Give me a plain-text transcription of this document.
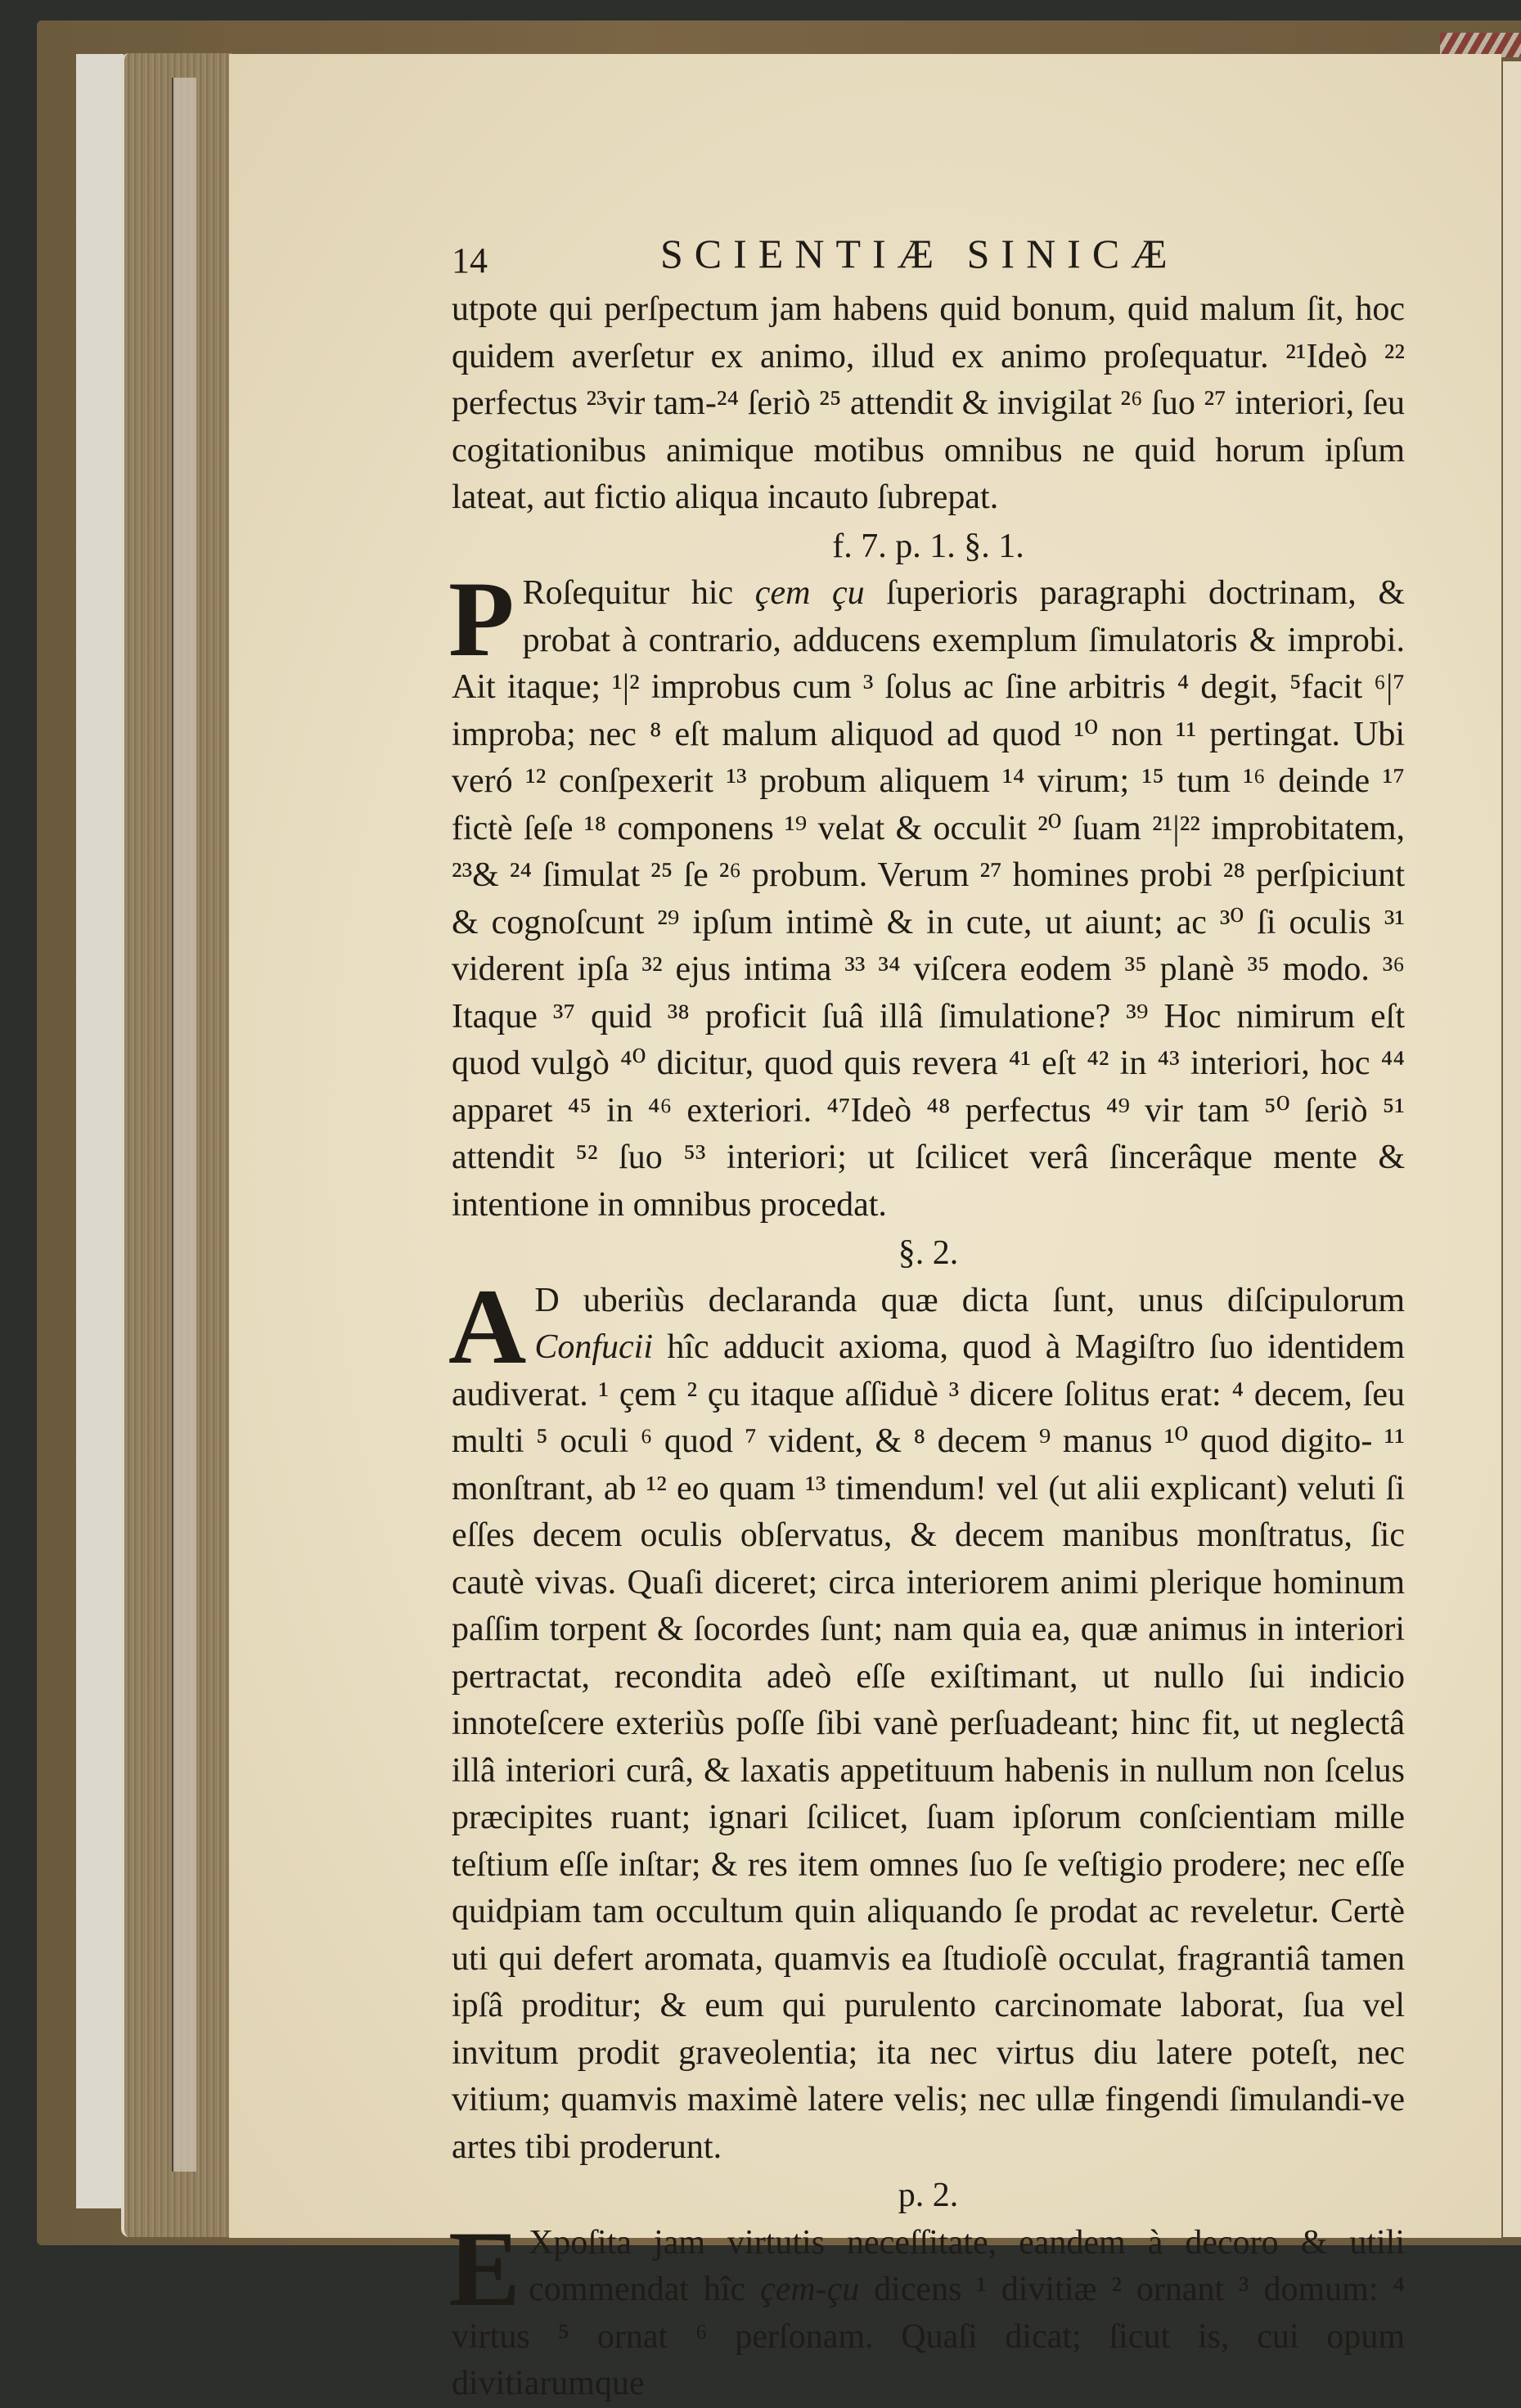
14	SCIENTIÆ SINICÆ

utpote qui perſpectum jam habens quid bonum, quid malum ſit, hoc quidem averſetur ex animo, illud ex animo proſequatur. ²¹Ideò ²² perfectus ²³vir tam-²⁴ ſeriò ²⁵ attendit & invigilat ²⁶ ſuo ²⁷ interiori, ſeu cogitationibus animique motibus omnibus ne quid horum ipſum lateat, aut fictio aliqua incauto ſubrepat.

f. 7. p. 1. §. 1.

P Roſequitur hic çem çu ſuperioris paragraphi doctrinam, & probat à contrario, adducens exemplum ſimulatoris & improbi. Ait itaque; ¹|² improbus cum ³ ſolus ac ſine arbitris ⁴ degit, ⁵facit ⁶|⁷ improba; nec ⁸ eſt malum aliquod ad quod ¹⁰ non ¹¹ pertingat. Ubi veró ¹² conſpexerit ¹³ probum aliquem ¹⁴ virum; ¹⁵ tum ¹⁶ deinde ¹⁷ fictè ſeſe ¹⁸ componens ¹⁹ velat & occulit ²⁰ ſuam ²¹|²² improbitatem, ²³& ²⁴ ſimulat ²⁵ ſe ²⁶ probum. Verum ²⁷ homines probi ²⁸ perſpiciunt & cognoſcunt ²⁹ ipſum intimè & in cute, ut aiunt; ac ³⁰ ſi oculis ³¹ viderent ipſa ³² ejus intima ³³ ³⁴ viſcera eodem ³⁵ planè ³⁵ modo. ³⁶ Itaque ³⁷ quid ³⁸ proficit ſuâ illâ ſimulatione? ³⁹ Hoc nimirum eſt quod vulgò ⁴⁰ dicitur, quod quis revera ⁴¹ eſt ⁴² in ⁴³ interiori, hoc ⁴⁴ apparet ⁴⁵ in ⁴⁶ exteriori. ⁴⁷Ideò ⁴⁸ perfectus ⁴⁹ vir tam ⁵⁰ ſeriò ⁵¹ attendit ⁵² ſuo ⁵³ interiori; ut ſcilicet verâ ſincerâque mente & intentione in omnibus procedat.

§. 2.

A D uberiùs declaranda quæ dicta ſunt, unus diſcipulorum Confucii hîc adducit axioma, quod à Magiſtro ſuo identidem audiverat. ¹ çem ² çu itaque aſſiduè ³ dicere ſolitus erat: ⁴ decem, ſeu multi ⁵ oculi ⁶ quod ⁷ vident, & ⁸ decem ⁹ manus ¹⁰ quod digito- ¹¹ monſtrant, ab ¹² eo quam ¹³ timendum! vel (ut alii explicant) veluti ſi eſſes decem oculis obſervatus, & decem manibus monſtratus, ſic cautè vivas. Quaſi diceret; circa interiorem animi plerique hominum paſſim torpent & ſocordes ſunt; nam quia ea, quæ animus in interiori pertractat, recondita adeò eſſe exiſtimant, ut nullo ſui indicio innoteſcere exteriùs poſſe ſibi vanè perſuadeant; hinc fit, ut neglectâ illâ interiori curâ, & laxatis appetituum habenis in nullum non ſcelus præcipites ruant; ignari ſcilicet, ſuam ipſorum conſcientiam mille teſtium eſſe inſtar; & res item omnes ſuo ſe veſtigio prodere; nec eſſe quidpiam tam occultum quin aliquando ſe prodat ac reveletur. Certè uti qui defert aromata, quamvis ea ſtudioſè occulat, fragrantiâ tamen ipſâ proditur; & eum qui purulento carcinomate laborat, ſua vel invitum prodit graveolentia; ita nec virtus diu latere poteſt, nec vitium; quamvis maximè latere velis; nec ullæ fingendi ſimulandi-ve artes tibi proderunt.

p. 2.

E Xpoſita jam virtutis neceſſitate, eandem à decoro & utili commendat hîc çem-çu dicens ¹ divitiæ ² ornant ³ domum: ⁴ virtus ⁵ ornat ⁶ perſonam. Quaſi dicat; ſicut is, cui opum divitiarumque
